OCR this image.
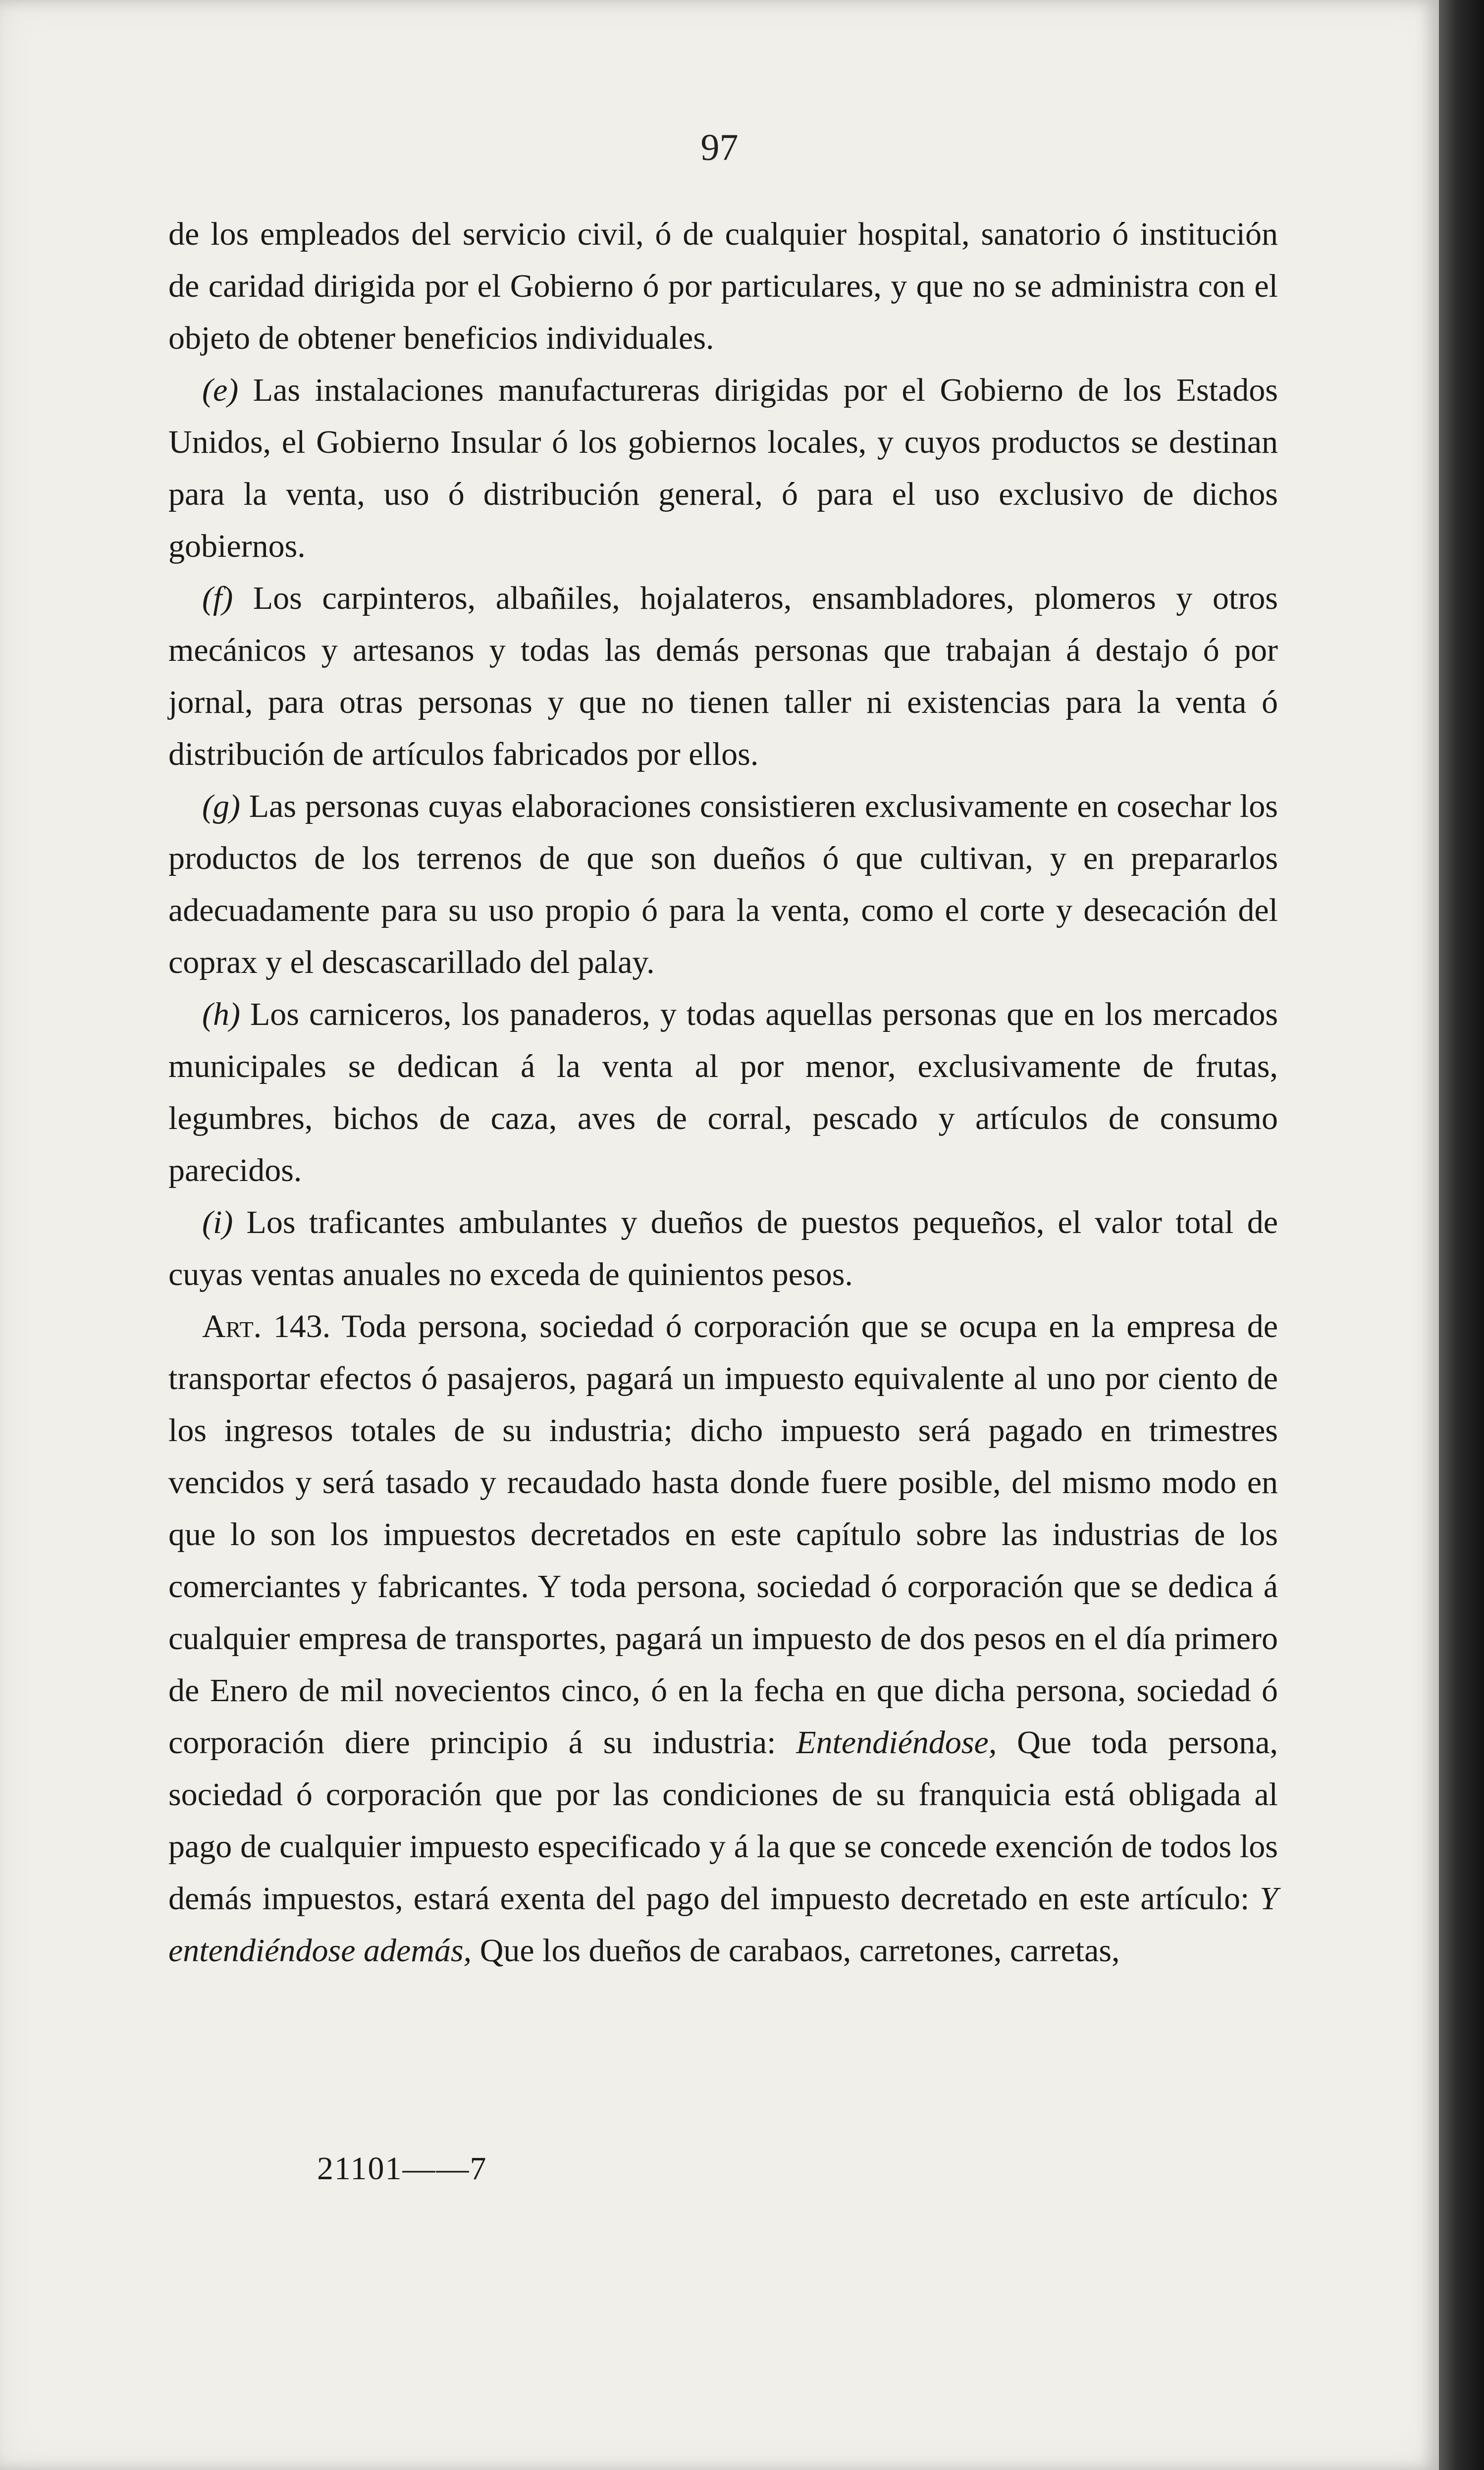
97

de los empleados del servicio civil, ó de cualquier hospital, sanatorio ó institución de caridad dirigida por el Gobierno ó por particulares, y que no se administra con el objeto de obtener beneficios individuales.

(e) Las instalaciones manufactureras dirigidas por el Gobierno de los Estados Unidos, el Gobierno Insular ó los gobiernos locales, y cuyos productos se destinan para la venta, uso ó distribución general, ó para el uso exclusivo de dichos gobiernos.

(f) Los carpinteros, albañiles, hojalateros, ensambladores, plomeros y otros mecánicos y artesanos y todas las demás personas que trabajan á destajo ó por jornal, para otras personas y que no tienen taller ni existencias para la venta ó distribución de artículos fabricados por ellos.

(g) Las personas cuyas elaboraciones consistieren exclusivamente en cosechar los productos de los terrenos de que son dueños ó que cultivan, y en prepararlos adecuadamente para su uso propio ó para la venta, como el corte y desecación del coprax y el descascarillado del palay.

(h) Los carniceros, los panaderos, y todas aquellas personas que en los mercados municipales se dedican á la venta al por menor, exclusivamente de frutas, legumbres, bichos de caza, aves de corral, pescado y artículos de consumo parecidos.

(i) Los traficantes ambulantes y dueños de puestos pequeños, el valor total de cuyas ventas anuales no exceda de quinientos pesos.

Art. 143. Toda persona, sociedad ó corporación que se ocupa en la empresa de transportar efectos ó pasajeros, pagará un impuesto equivalente al uno por ciento de los ingresos totales de su industria; dicho impuesto será pagado en trimestres vencidos y será tasado y recaudado hasta donde fuere posible, del mismo modo en que lo son los impuestos decretados en este capítulo sobre las industrias de los comerciantes y fabricantes. Y toda persona, sociedad ó corporación que se dedica á cualquier empresa de transportes, pagará un impuesto de dos pesos en el día primero de Enero de mil novecientos cinco, ó en la fecha en que dicha persona, sociedad ó corporación diere principio á su industria: Entendiéndose, Que toda persona, sociedad ó corporación que por las condiciones de su franquicia está obligada al pago de cualquier impuesto especificado y á la que se concede exención de todos los demás impuestos, estará exenta del pago del impuesto decretado en este artículo: Y entendiéndose además, Que los dueños de carabaos, carretones, carretas,

21101——7
